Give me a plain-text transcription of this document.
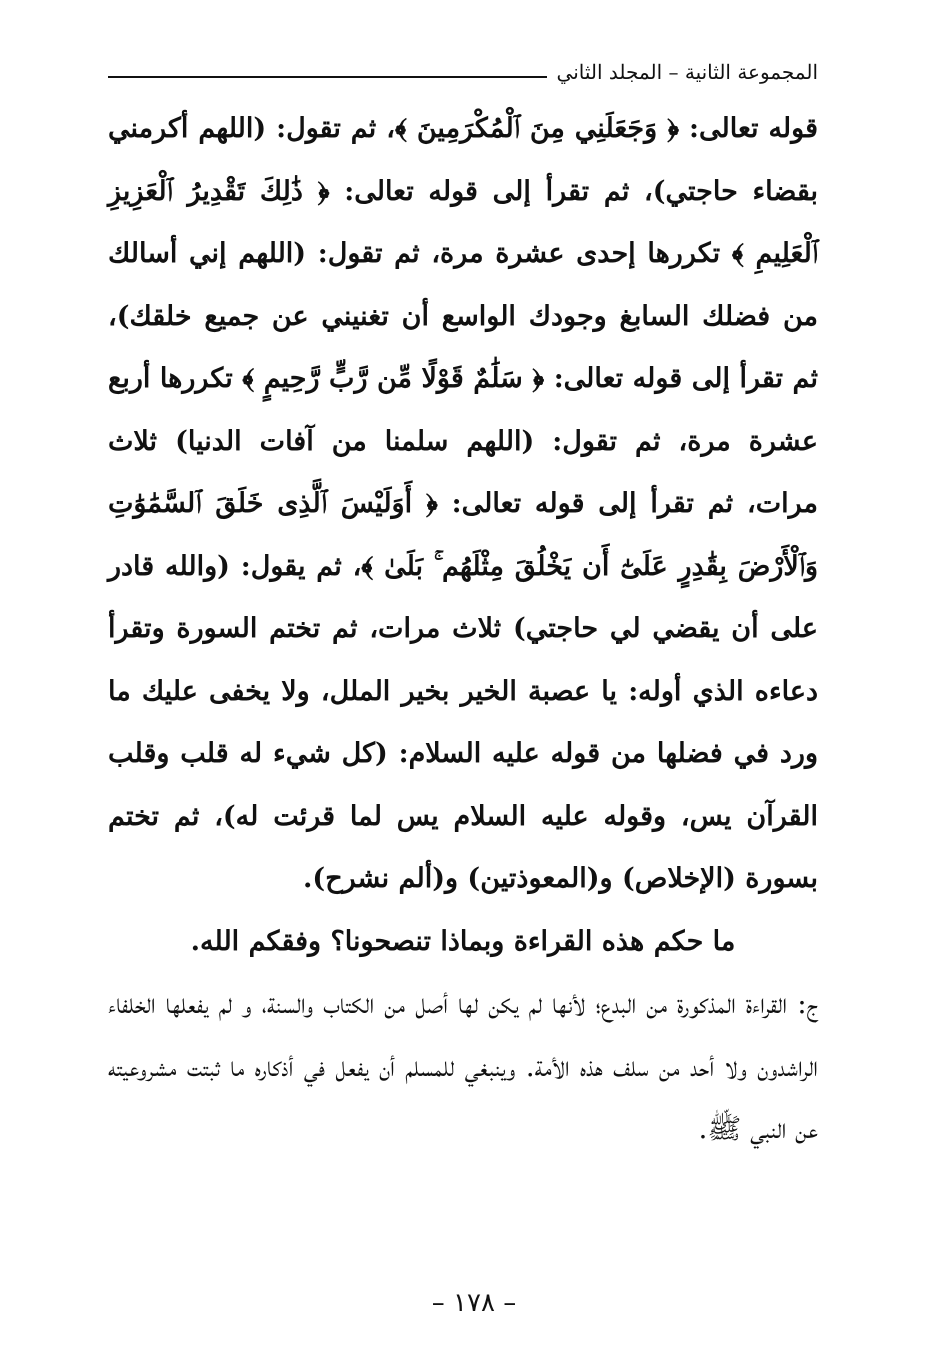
المجموعة الثانية – المجلد الثاني

قوله تعالى: ﴿ وَجَعَلَنِي مِنَ ٱلْمُكْرَمِينَ ﴾، ثم تقول: (اللهم أكرمني بقضاء حاجتي)، ثم تقرأ إلى قوله تعالى: ﴿ ذَٰلِكَ تَقْدِيرُ ٱلْعَزِيزِ ٱلْعَلِيمِ ﴾ تكررها إحدى عشرة مرة، ثم تقول: (اللهم إني أسالك من فضلك السابغ وجودك الواسع أن تغنيني عن جميع خلقك)، ثم تقرأ إلى قوله تعالى: ﴿ سَلَٰمٌ قَوْلًا مِّن رَّبٍّ رَّحِيمٍ ﴾ تكررها أربع عشرة مرة، ثم تقول: (اللهم سلمنا من آفات الدنيا) ثلاث مرات، ثم تقرأ إلى قوله تعالى: ﴿ أَوَلَيْسَ ٱلَّذِى خَلَقَ ٱلسَّمَٰوَٰتِ وَٱلْأَرْضَ بِقَٰدِرٍ عَلَىٰٓ أَن يَخْلُقَ مِثْلَهُم ۚ بَلَىٰ ﴾، ثم يقول: (والله قادر على أن يقضي لي حاجتي) ثلاث مرات، ثم تختم السورة وتقرأ دعاءه الذي أوله: يا عصبة الخير بخير الملل، ولا يخفى عليك ما ورد في فضلها من قوله عليه السلام: (كل شيء له قلب وقلب القرآن يس، وقوله عليه السلام يس لما قرئت له)، ثم تختم بسورة (الإخلاص) و(المعوذتين) و(ألم نشرح).

ما حكم هذه القراءة وبماذا تنصحونا؟ وفقكم الله.

ج: القراءة المذكورة من البدع؛ لأنها لم يكن لها أصل من الكتاب والسنة، و لم يفعلها الخلفاء الراشدون ولا أحد من سلف هذه الأمة. وينبغي للمسلم أن يفعل في أذكاره ما ثبتت مشروعيته عن النبي ﷺ.

– ١٧٨ –
